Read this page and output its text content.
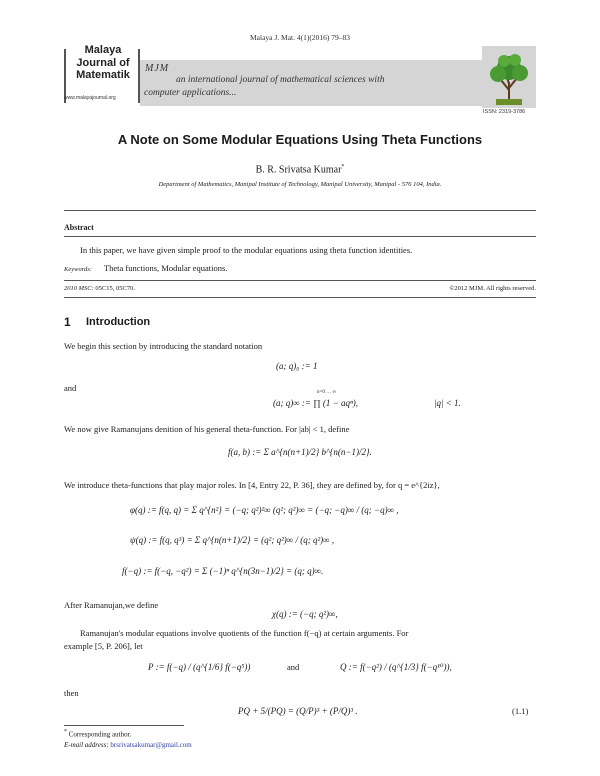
Malaya J. Mat. 4(1)(2016) 79–83
Malaya
Journal of
Matematik
www.malayajournal.org
MJM
an international journal of mathematical sciences with
computer applications...
ISSN: 2319-3786
A Note on Some Modular Equations Using Theta Functions
B. R. Srivatsa Kumar*
Department of Mathematics, Manipal Institute of Technology, Manipal University, Manipal - 576 104, India.
Abstract
In this paper, we have given simple proof to the modular equations using theta function identities.
Keywords: Theta functions, Modular equations.
2010 MSC: 05C15, 05C70.	©2012 MJM. All rights reserved.
1 Introduction
We begin this section by introducing the standard notation
(a; q)₀ := 1
and
(a; q)∞ := ∏ (1 − aqⁿ),
n=0 … ∞
|q| < 1.
We now give Ramanujans denition of his general theta-function. For |ab| < 1, define
f(a, b) := Σ a^{n(n+1)/2} b^{n(n−1)/2}.
We introduce theta-functions that play major roles. In [4, Entry 22, P. 36], they are defined by, for q = e^{2iz},
φ(q) := f(q, q) = Σ q^{n²} = (−q; q²)²∞ (q²; q²)∞ = (−q; −q)∞ / (q; −q)∞ ,
ψ(q) := f(q, q³) = Σ q^{n(n+1)/2} = (q²; q²)∞ / (q; q²)∞ ,
f(−q) := f(−q, −q²) = Σ (−1)ⁿ q^{n(3n−1)/2} = (q; q)∞.
After Ramanujan,we define
χ(q) := (−q; q²)∞,
Ramanujan's modular equations involve quotients of the function f(−q) at certain arguments. For
example [5, P. 206], let
P := f(−q) / (q^{1/6} f(−q⁵))	and	Q := f(−q²) / (q^{1/3} f(−q¹⁰)),
then
PQ + 5/(PQ) = (Q/P)³ + (P/Q)³ .	(1.1)
* Corresponding author.
E-mail address: brsrivatsakumar@gmail.com
